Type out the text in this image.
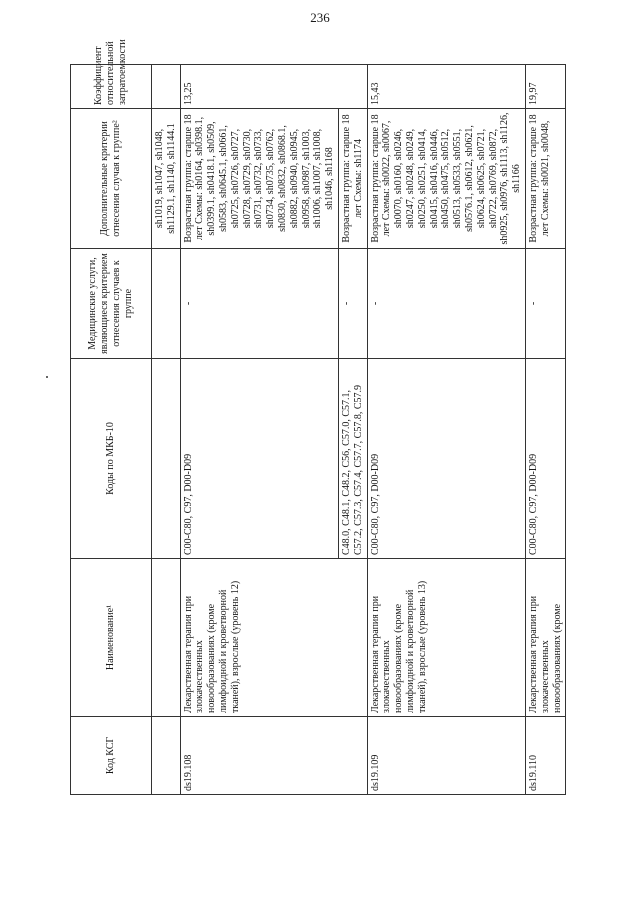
236
Код КСГ	Наименование¹	Коды по МКБ-10	Медицинские услуги, являющиеся критерием отнесения случаев к группе	Дополнительные критерии отнесения случая к группе²	Коэффициент относительной затратоемкости
				sh1019, sh1047, sh1048, sh1129.1, sh1140, sh1144.1	
ds19.108	Лекарственная терапия при злокачественных новообразованиях (кроме лимфоидной и кроветворной тканей), взрослые (уровень 12)	C00-C80, C97, D00-D09	-	Возрастная группа: старше 18 лет Схемы: sh0164, sh0398.1, sh0399.1, sh0418.1, sh0509, sh0583, sh0645.1, sh0661, sh0725, sh0726, sh0727, sh0728, sh0729, sh0730, sh0731, sh0732, sh0733, sh0734, sh0735, sh0762, sh0830, sh0832, sh0868.1, sh0882, sh0940, sh0945, sh0958, sh0987, sh1003, sh1006, sh1007, sh1008, sh1046, sh1168	13,25
		C48.0, C48.1, C48.2, C56, C57.0, C57.1, C57.2, C57.3, C57.4, C57.7, C57.8, C57.9	-	Возрастная группа: старше 18 лет Схемы: sh1174	
ds19.109	Лекарственная терапия при злокачественных новообразованиях (кроме лимфоидной и кроветворной тканей), взрослые (уровень 13)	C00-C80, C97, D00-D09	-	Возрастная группа: старше 18 лет Схемы: sh0022, sh0067, sh0070, sh0160, sh0246, sh0247, sh0248, sh0249, sh0250, sh0251, sh0414, sh0415, sh0416, sh0446, sh0450, sh0475, sh0512, sh0513, sh0533, sh0551, sh0576.1, sh0612, sh0621, sh0624, sh0625, sh0721, sh0722, sh0769, sh0872, sh0925, sh0976, sh1113, sh1126, sh1166	15,43
ds19.110	Лекарственная терапия при злокачественных новообразованиях (кроме	C00-C80, C97, D00-D09	-	Возрастная группа: старше 18 лет Схемы: sh0021, sh0048,	19,97
